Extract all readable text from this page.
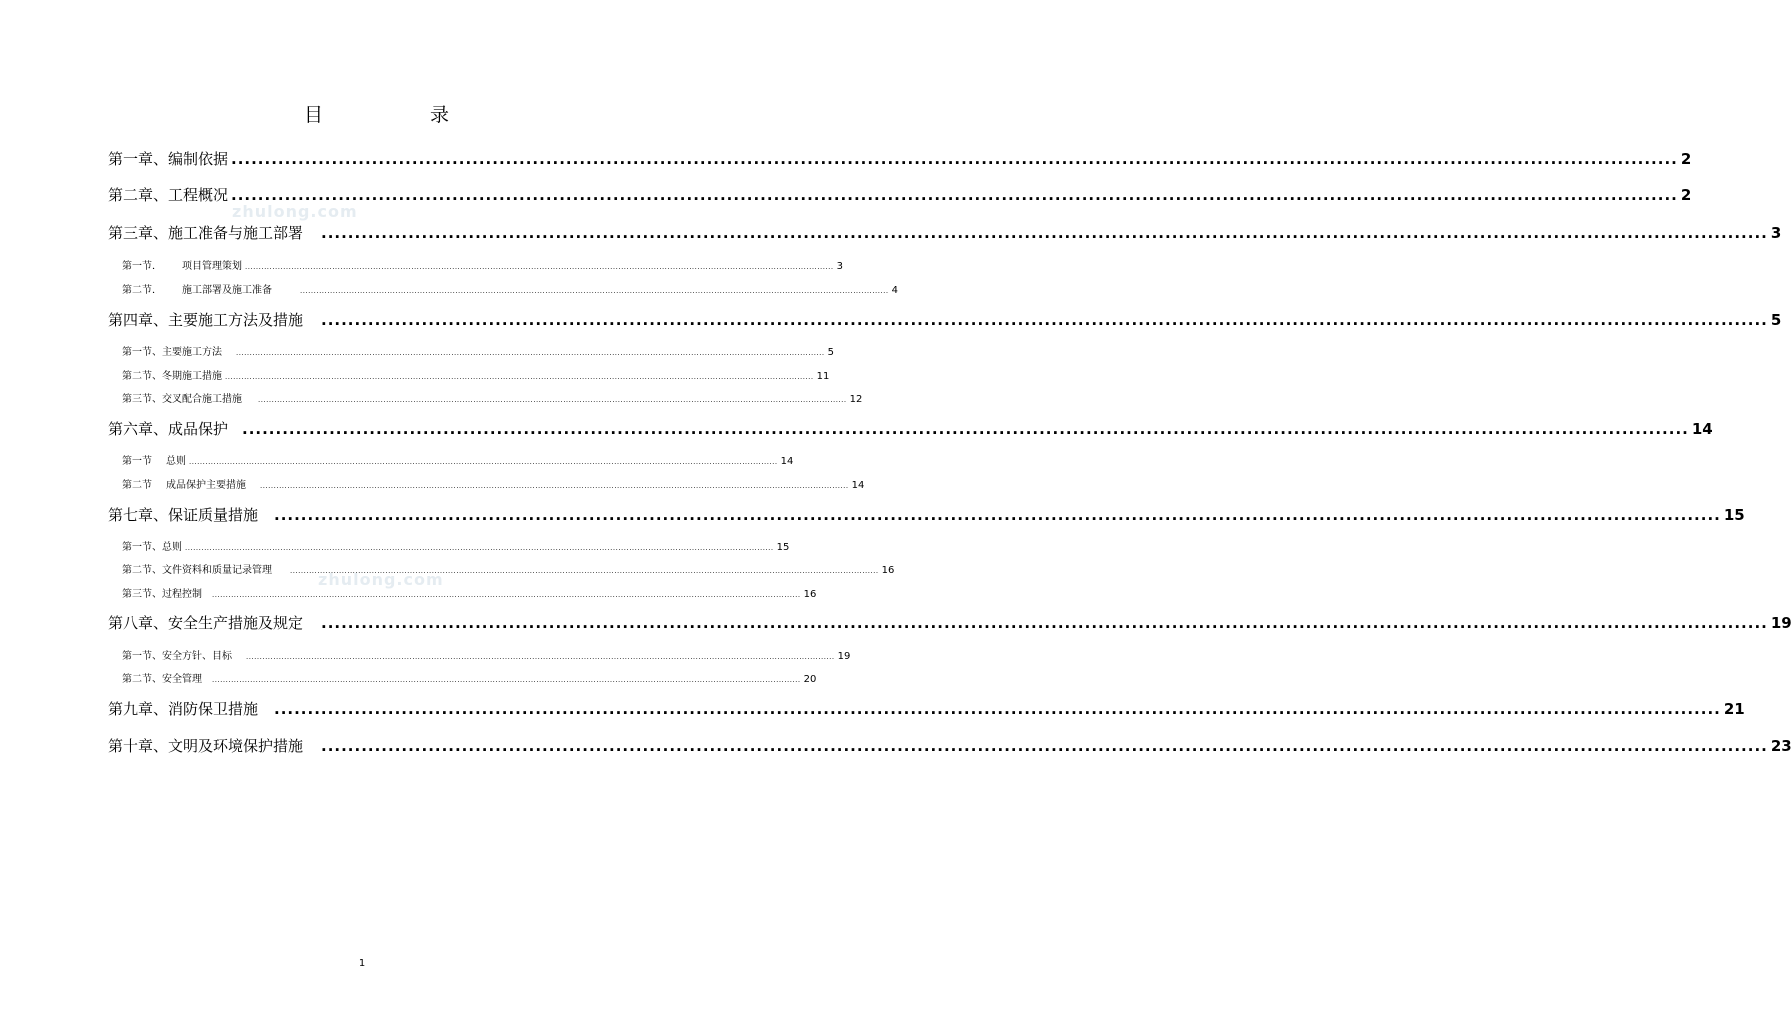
目	录
zhulong.com
zhulong.com
第一章、编制依据 ........................................................................................................................................................................................................................ 2
第二章、工程概况 ........................................................................................................................................................................................................................ 2
第三章、施工准备与施工部署 ........................................................................................................................................................................................................................ 3
第一节． 项目管理策划 ........................................................................................................................................................................................................................ 3
第二节． 施工部署及施工准备	........................................................................................................................................................................................................................ 4
第四章、主要施工方法及措施 ........................................................................................................................................................................................................................ 5
第一节、主要施工方法 ........................................................................................................................................................................................................................ 5
第二节、冬期施工措施 ........................................................................................................................................................................................................................ 11
第三节、交叉配合施工措施 ........................................................................................................................................................................................................................ 12
第六章、成品保护 ........................................................................................................................................................................................................................ 14
第一节 总则 ........................................................................................................................................................................................................................ 14
第二节 成品保护主要措施 ........................................................................................................................................................................................................................ 14
第七章、保证质量措施 ........................................................................................................................................................................................................................ 15
第一节、总则 ........................................................................................................................................................................................................................ 15
第二节、文件资料和质量记录管理	........................................................................................................................................................................................................................ 16
第三节、过程控制 ........................................................................................................................................................................................................................ 16
第八章、安全生产措施及规定 ........................................................................................................................................................................................................................ 19
第一节、安全方针、目标 ........................................................................................................................................................................................................................ 19
第二节、安全管理 ........................................................................................................................................................................................................................ 20
第九章、消防保卫措施 ........................................................................................................................................................................................................................ 21
第十章、文明及环境保护措施 ........................................................................................................................................................................................................................ 23
1
